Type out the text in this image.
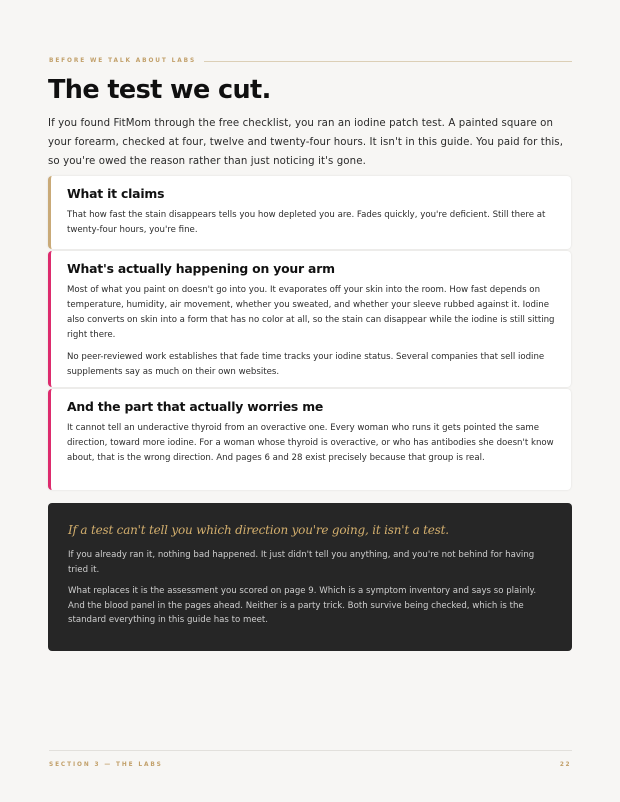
BEFORE WE TALK ABOUT LABS
The test we cut.

If you found FitMom through the free checklist, you ran an iodine patch test. A painted square on your forearm, checked at four, twelve and twenty-four hours. It isn't in this guide. You paid for this, so you're owed the reason rather than just noticing it's gone.

What it claims

That how fast the stain disappears tells you how depleted you are. Fades quickly, you're deficient. Still there at twenty-four hours, you're fine.

What's actually happening on your arm

Most of what you paint on doesn't go into you. It evaporates off your skin into the room. How fast depends on temperature, humidity, air movement, whether you sweated, and whether your sleeve rubbed against it. Iodine also converts on skin into a form that has no color at all, so the stain can disappear while the iodine is still sitting right there.

No peer-reviewed work establishes that fade time tracks your iodine status. Several companies that sell iodine supplements say as much on their own websites.

And the part that actually worries me

It cannot tell an underactive thyroid from an overactive one. Every woman who runs it gets pointed the same direction, toward more iodine. For a woman whose thyroid is overactive, or who has antibodies she doesn't know about, that is the wrong direction. And pages 6 and 28 exist precisely because that group is real.

If a test can't tell you which direction you're going, it isn't a test.

If you already ran it, nothing bad happened. It just didn't tell you anything, and you're not behind for having tried it.

What replaces it is the assessment you scored on page 9. Which is a symptom inventory and says so plainly. And the blood panel in the pages ahead. Neither is a party trick. Both survive being checked, which is the standard everything in this guide has to meet.

SECTION 3 — THE LABS	22
